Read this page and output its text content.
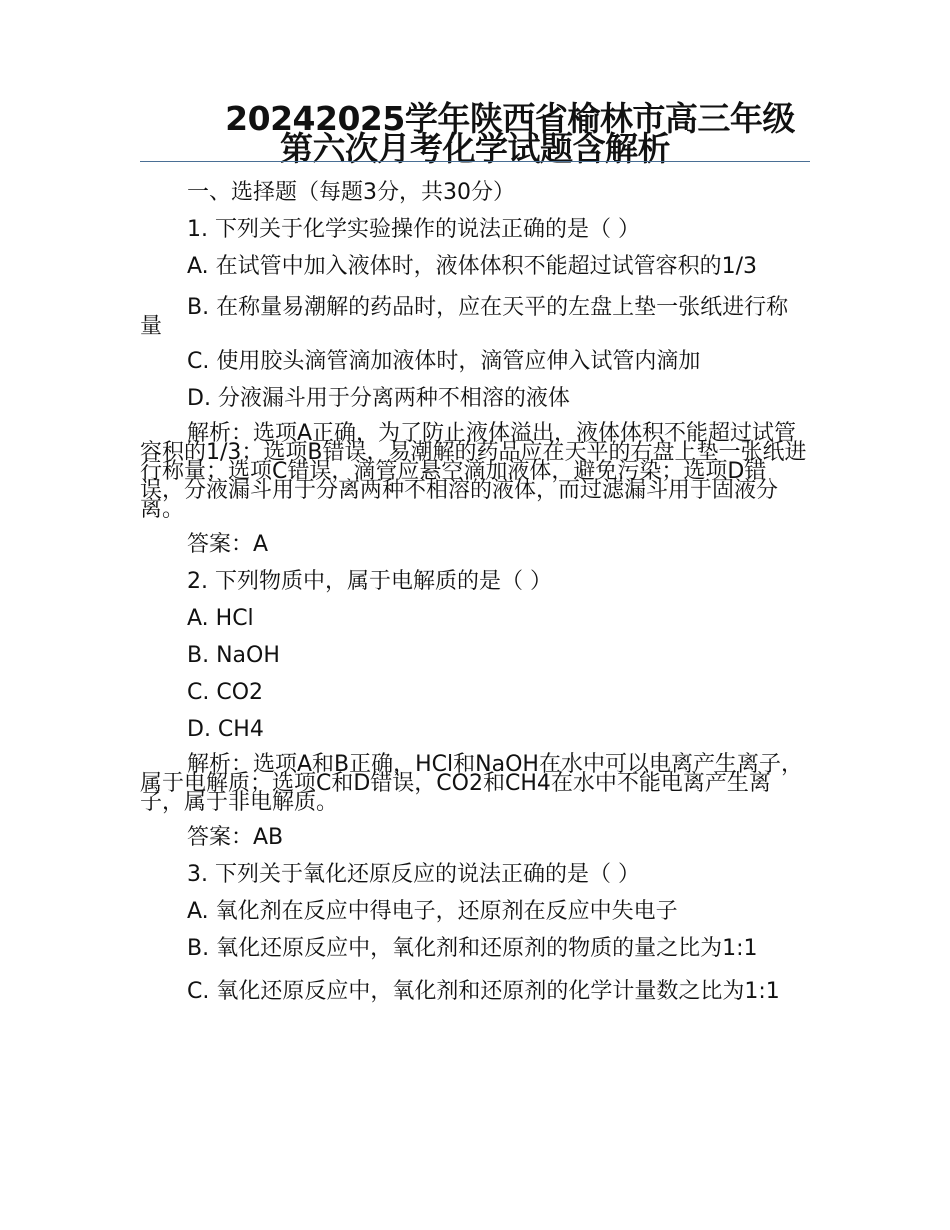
20242025学年陕西省榆林市高三年级
第六次月考化学试题含解析

一、选择题（每题3分，共30分）

1. 下列关于化学实验操作的说法正确的是（ ）

A. 在试管中加入液体时，液体体积不能超过试管容积的1/3

B. 在称量易潮解的药品时，应在天平的左盘上垫一张纸进行称量

C. 使用胶头滴管滴加液体时，滴管应伸入试管内滴加

D. 分液漏斗用于分离两种不相溶的液体

解析：选项A正确，为了防止液体溢出，液体体积不能超过试管容积的1/3；选项B错误，易潮解的药品应在天平的右盘上垫一张纸进行称量；选项C错误，滴管应悬空滴加液体，避免污染；选项D错误，分液漏斗用于分离两种不相溶的液体，而过滤漏斗用于固液分离。

答案：A

2. 下列物质中，属于电解质的是（ ）

A. HCl

B. NaOH

C. CO2

D. CH4

解析：选项A和B正确，HCl和NaOH在水中可以电离产生离子，属于电解质；选项C和D错误，CO2和CH4在水中不能电离产生离子，属于非电解质。

答案：AB

3. 下列关于氧化还原反应的说法正确的是（ ）

A. 氧化剂在反应中得电子，还原剂在反应中失电子

B. 氧化还原反应中，氧化剂和还原剂的物质的量之比为1:1

C. 氧化还原反应中，氧化剂和还原剂的化学计量数之比为1:1
